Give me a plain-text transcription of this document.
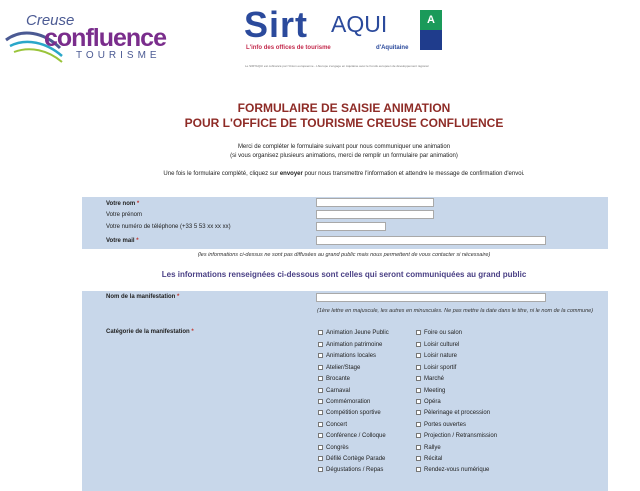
Creuse
confluence
TOURISME
Sirt AQUI
L'info des offices de tourisme	d'Aquitaine
A
Le SIRTAQUI est cofinancé par l'Union européenne - L'Europe s'engage en Aquitaine avec le Fonds européen de développement régional
FORMULAIRE DE SAISIE ANIMATION
POUR L'OFFICE DE TOURISME CREUSE CONFLUENCE
Merci de compléter le formulaire suivant pour nous communiquer une animation
(si vous organisez plusieurs animations, merci de remplir un formulaire par animation)
Une fois le formulaire complété, cliquez sur envoyer pour nous transmettre l'information et attendre le message de confirmation d'envoi.
Votre nom *
Votre prénom
Votre numéro de téléphone (+33 5 53 xx xx xx)
Votre mail *
(les informations ci-dessus ne sont pas diffusées au grand public mais nous permettent de vous contacter si nécessaire)
Les informations renseignées ci-dessous sont celles qui seront communiquées au grand public
Nom de la manifestation *
(1ère lettre en majuscule, les autres en minuscules. Ne pas mettre la date dans le titre, ni le nom de la commune)
Catégorie de la manifestation *	Animation Jeune Public
Animation patrimoine
Animations locales
Atelier/Stage
Brocante
Carnaval
Commémoration
Compétition sportive
Concert
Conférence / Colloque
Congrès
Défilé Cortège Parade
Dégustations / Repas
Foire ou salon
Loisir culturel
Loisir nature
Loisir sportif
Marché
Meeting
Opéra
Pèlerinage et procession
Portes ouvertes
Projection / Retransmission
Rallye
Récital
Rendez-vous numérique
